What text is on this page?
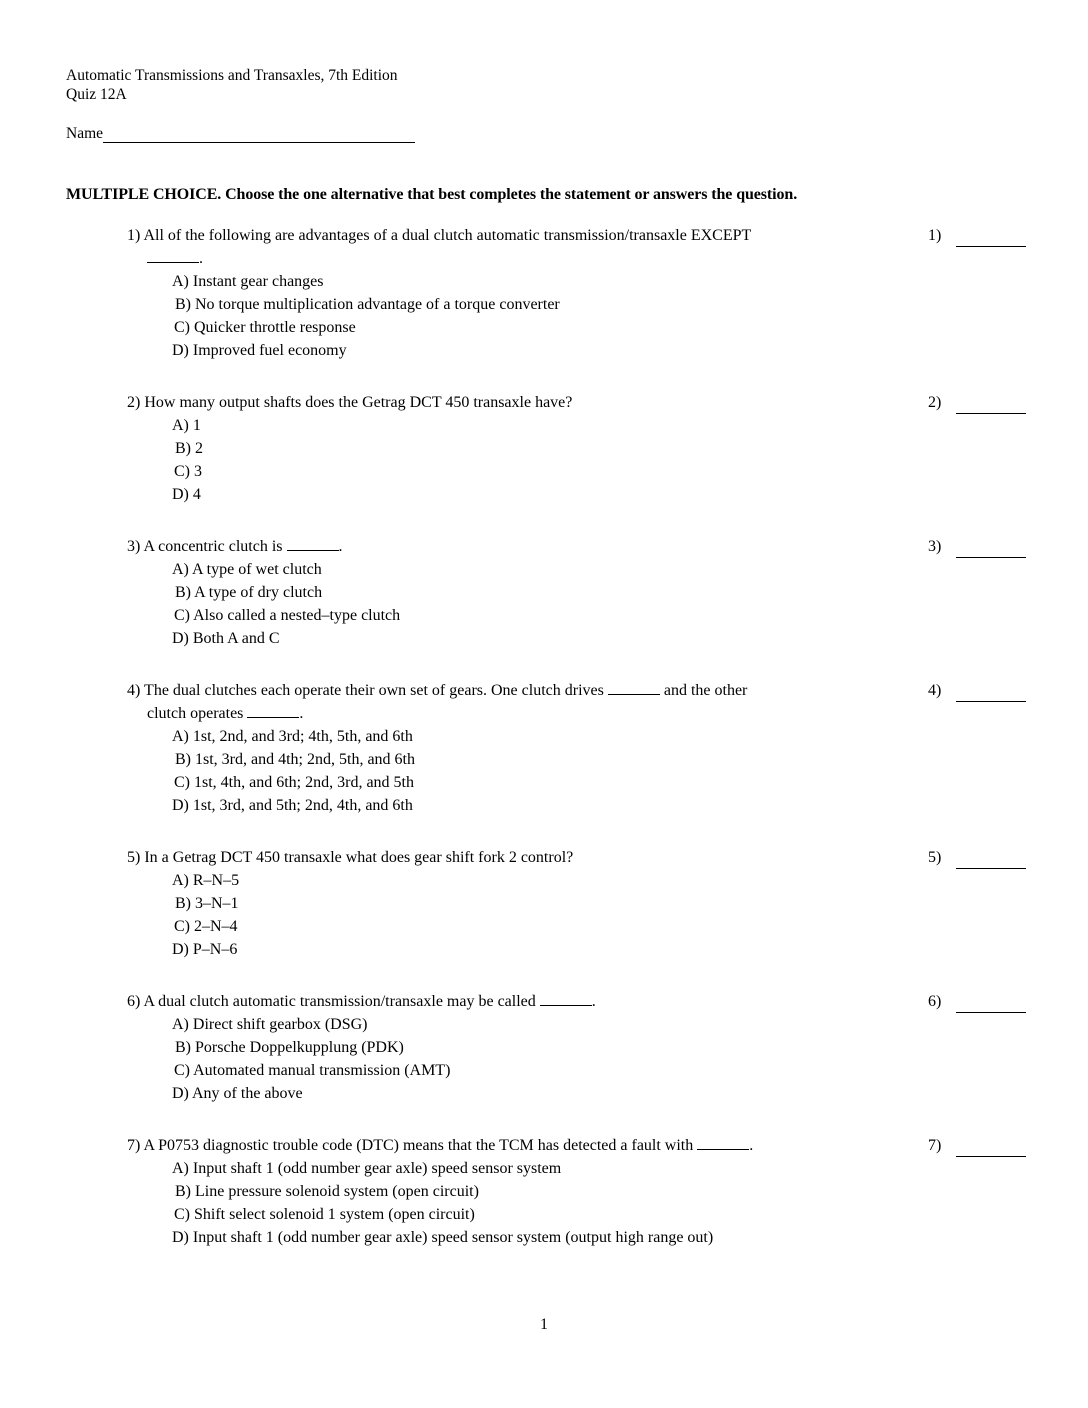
Automatic Transmissions and Transaxles, 7th Edition
Quiz 12A
Name
MULTIPLE CHOICE. Choose the one alternative that best completes the statement or answers the question.
1) All of the following are advantages of a dual clutch automatic transmission/transaxle EXCEPT
.
1)
A) Instant gear changes
B) No torque multiplication advantage of a torque converter
C) Quicker throttle response
D) Improved fuel economy
2) How many output shafts does the Getrag DCT 450 transaxle have?	2)
A) 1
B) 2
C) 3
D) 4
3) A concentric clutch is	.	3)
A) A type of wet clutch
B) A type of dry clutch
C) Also called a nested–type clutch
D) Both A and C
4) The dual clutches each operate their own set of gears. One clutch drives	and the other
clutch operates	.
4)
A) 1st, 2nd, and 3rd; 4th, 5th, and 6th
B) 1st, 3rd, and 4th; 2nd, 5th, and 6th
C) 1st, 4th, and 6th; 2nd, 3rd, and 5th
D) 1st, 3rd, and 5th; 2nd, 4th, and 6th
5) In a Getrag DCT 450 transaxle what does gear shift fork 2 control?	5)
A) R–N–5
B) 3–N–1
C) 2–N–4
D) P–N–6
6) A dual clutch automatic transmission/transaxle may be called	.	6)
A) Direct shift gearbox (DSG)
B) Porsche Doppelkupplung (PDK)
C) Automated manual transmission (AMT)
D) Any of the above
7) A P0753 diagnostic trouble code (DTC) means that the TCM has detected a fault with	.	7)
A) Input shaft 1 (odd number gear axle) speed sensor system
B) Line pressure solenoid system (open circuit)
C) Shift select solenoid 1 system (open circuit)
D) Input shaft 1 (odd number gear axle) speed sensor system (output high range out)
1
